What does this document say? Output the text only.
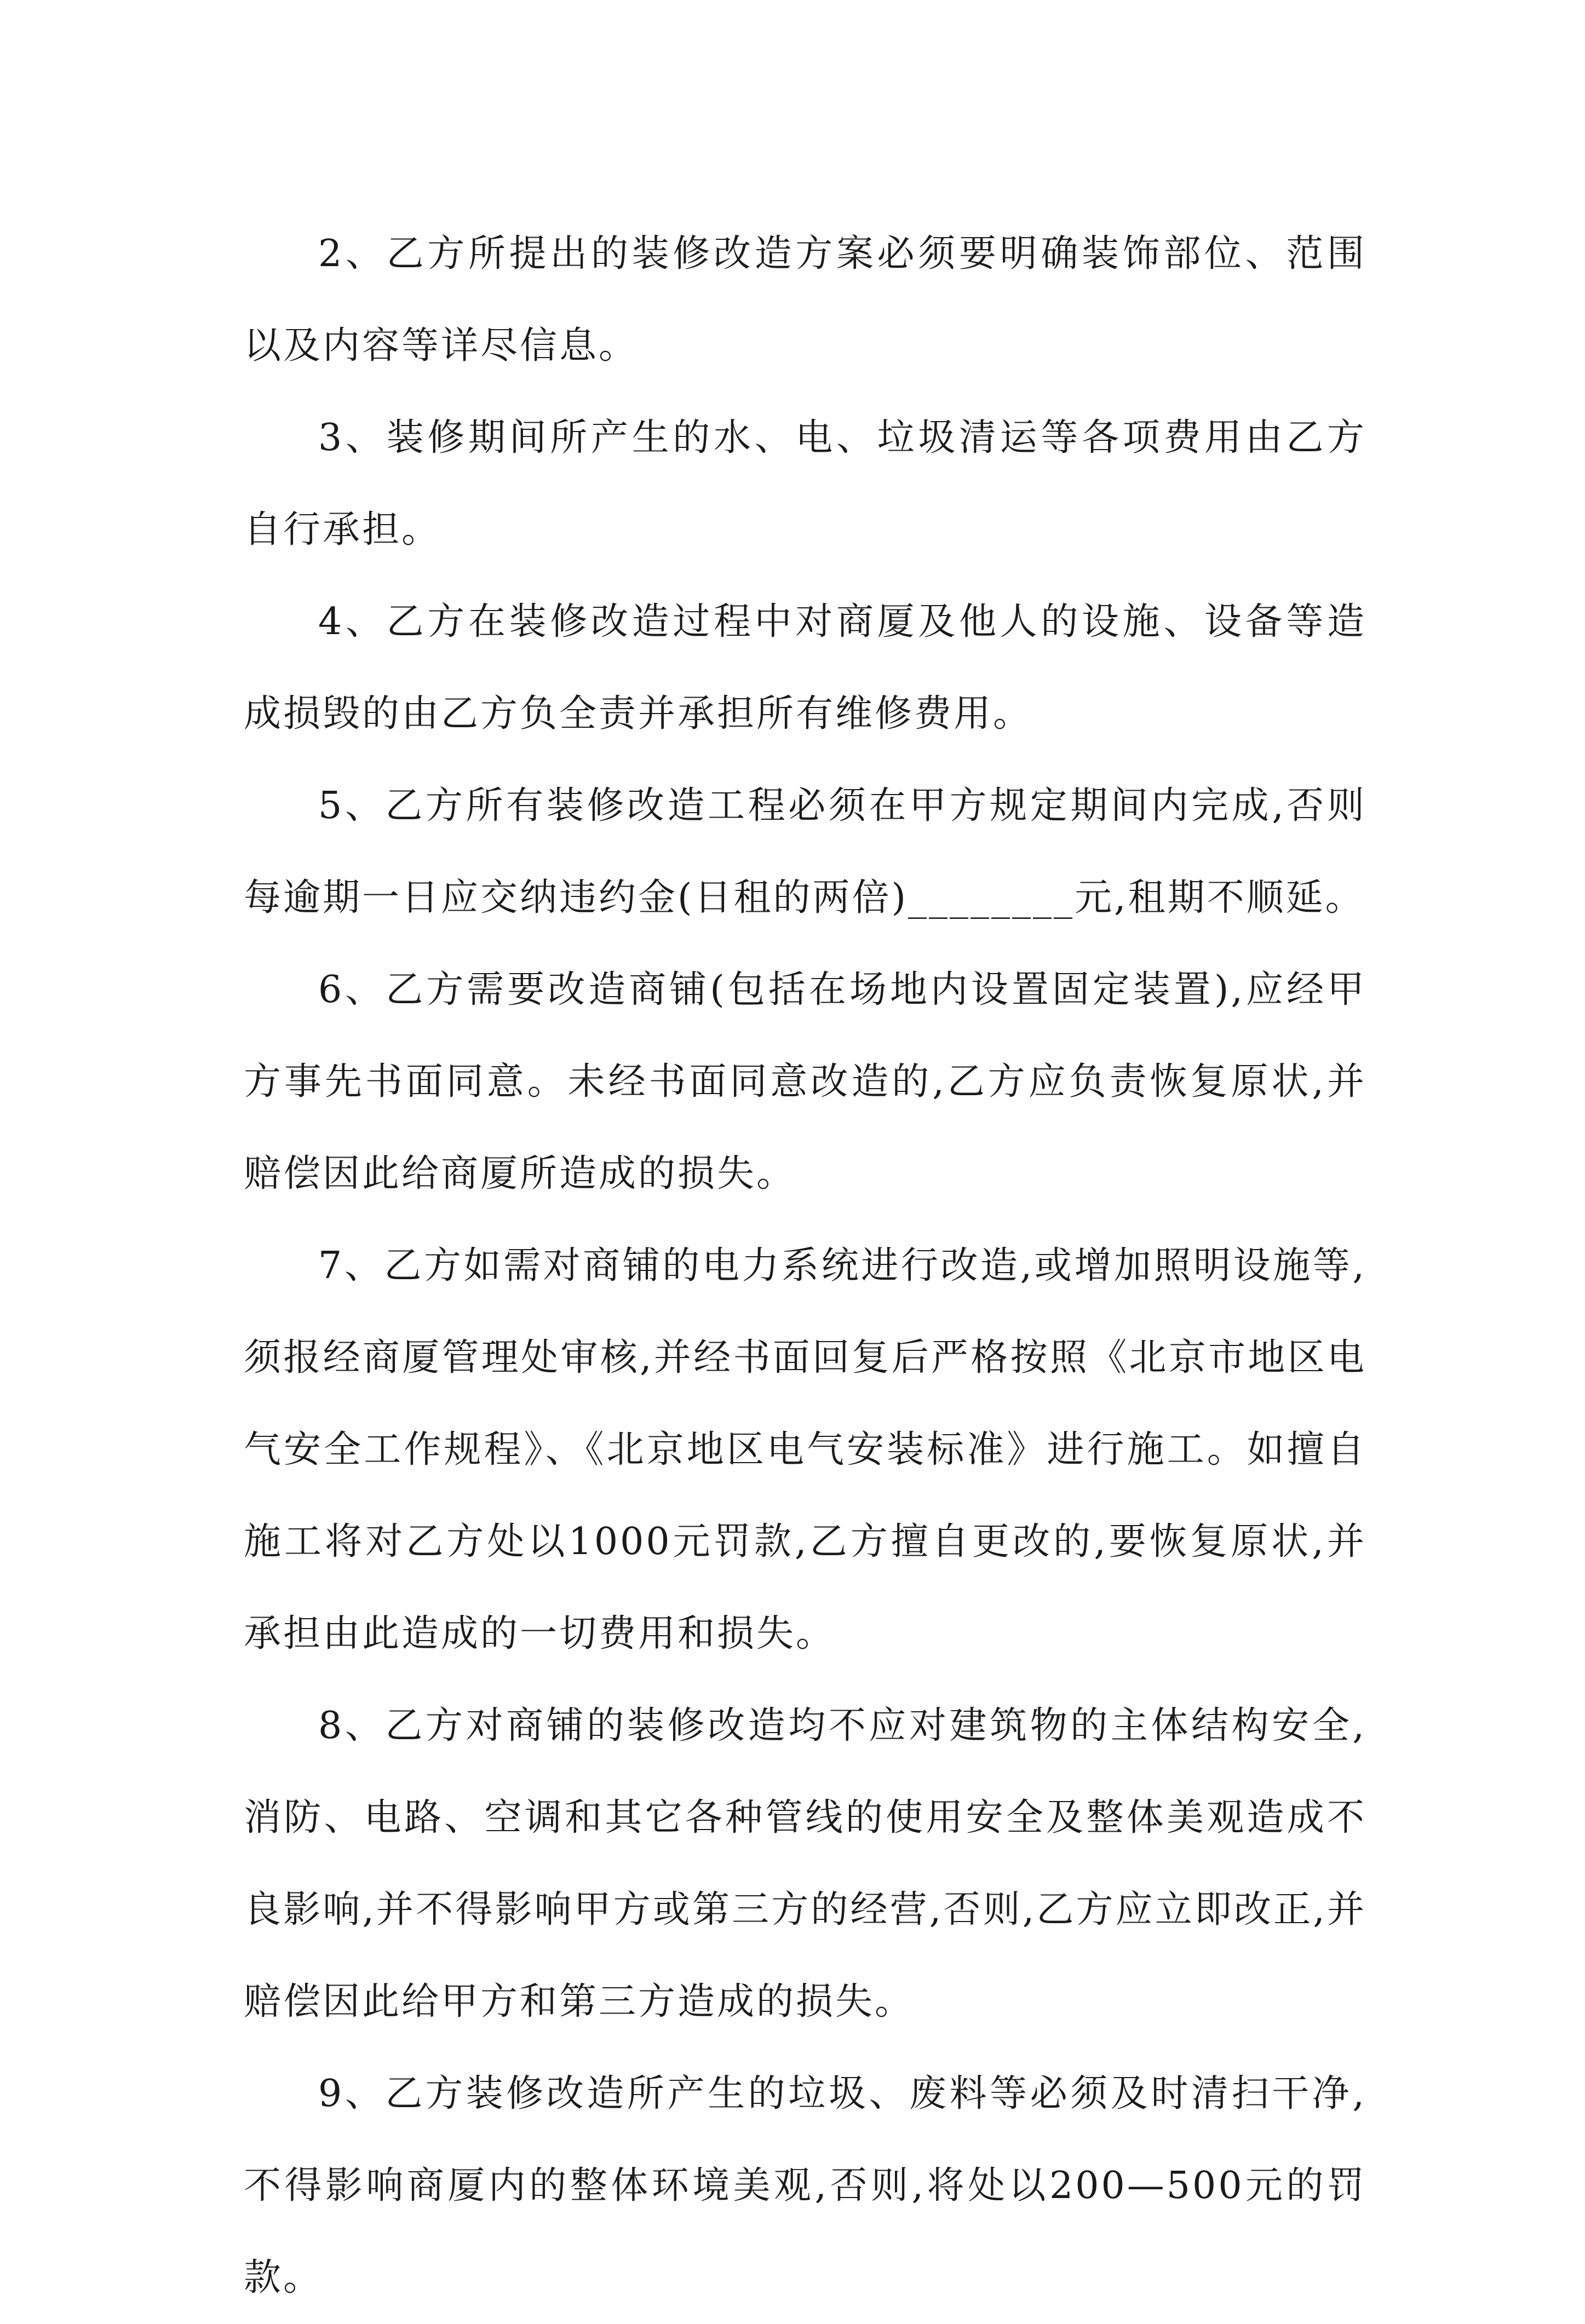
2、乙方所提出的装修改造方案必须要明确装饰部位、范围以及内容等详尽信息。

3、装修期间所产生的水、电、垃圾清运等各项费用由乙方自行承担。

4、乙方在装修改造过程中对商厦及他人的设施、设备等造成损毁的由乙方负全责并承担所有维修费用。

5、乙方所有装修改造工程必须在甲方规定期间内完成,否则每逾期一日应交纳违约金(日租的两倍)________元,租期不顺延。

6、乙方需要改造商铺(包括在场地内设置固定装置),应经甲方事先书面同意。未经书面同意改造的,乙方应负责恢复原状,并赔偿因此给商厦所造成的损失。

7、乙方如需对商铺的电力系统进行改造,或增加照明设施等,须报经商厦管理处审核,并经书面回复后严格按照《北京市地区电气安全工作规程》、《北京地区电气安装标准》进行施工。如擅自施工将对乙方处以1000元罚款,乙方擅自更改的,要恢复原状,并承担由此造成的一切费用和损失。

8、乙方对商铺的装修改造均不应对建筑物的主体结构安全,消防、电路、空调和其它各种管线的使用安全及整体美观造成不良影响,并不得影响甲方或第三方的经营,否则,乙方应立即改正,并赔偿因此给甲方和第三方造成的损失。

9、乙方装修改造所产生的垃圾、废料等必须及时清扫干净,不得影响商厦内的整体环境美观,否则,将处以200—500元的罚款。
